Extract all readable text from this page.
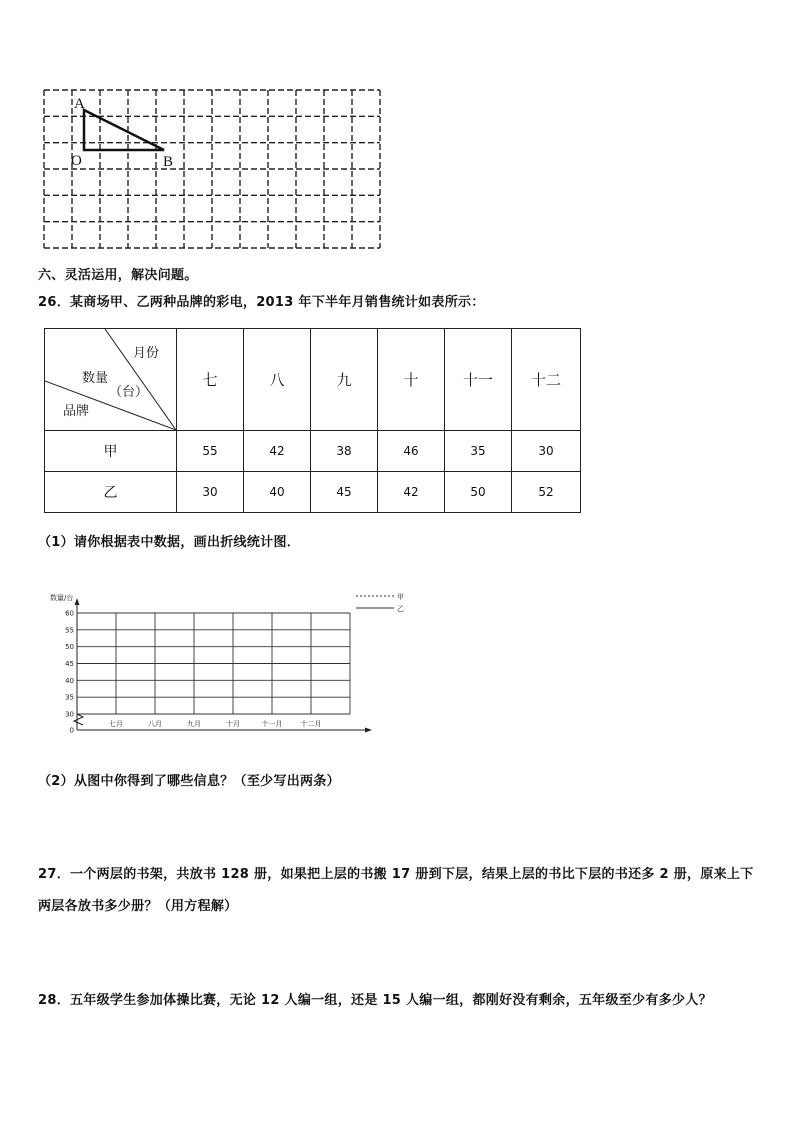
A
O	B
六、灵活运用，解决问题。
26．某商场甲、乙两种品牌的彩电，2013 年下半年月销售统计如表所示：
月份
数量
（台）
品牌	七	八	九	十	十一	十二
甲	55	42	38	46	35	30
乙	30	40	45	42	50	52
（1）请你根据表中数据，画出折线统计图．
数量/台
0
30
35
40
45
50
55
60
七月	八月	九月	十月	十一月	十二月
甲
乙
（2）从图中你得到了哪些信息？（至少写出两条）
27．一个两层的书架，共放书 128 册，如果把上层的书搬 17 册到下层，结果上层的书比下层的书还多 2 册，原来上下
两层各放书多少册？（用方程解）
28．五年级学生参加体操比赛，无论 12 人编一组，还是 15 人编一组，都刚好没有剩余，五年级至少有多少人？
